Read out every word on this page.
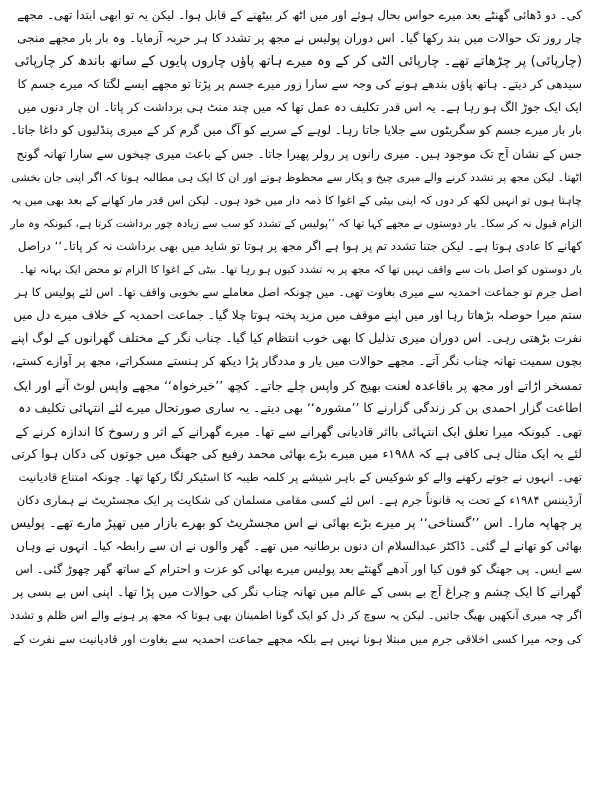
کی۔ دو ڈھائی گھنٹے بعد میرے حواس بحال ہوئے اور میں اٹھ کر بیٹھنے کے قابل ہوا۔ لیکن یہ تو ابھی ابتدا تھی۔ مجھے
چار روز تک حوالات میں بند رکھا گیا۔ اس دوران پولیس نے مجھ پر تشدد کا ہر حربہ آزمایا۔ وہ بار بار مجھے منجی
(چارپائی) پر چڑھاتے تھے۔ چارپائی الٹی کر کے وہ میرے ہاتھ پاؤں چاروں پایوں کے ساتھ باندھ کر چارپائی
سیدھی کر دیتے۔ ہاتھ پاؤں بندھے ہونے کی وجہ سے سارا زور میرے جسم پر پڑتا تو مجھے ایسے لگتا کہ میرے جسم کا
ایک ایک جوڑ الگ ہو رہا ہے۔ یہ اس قدر تکلیف دہ عمل تھا کہ میں چند منٹ ہی برداشت کر پاتا۔ ان چار دنوں میں
بار بار میرے جسم کو سگریٹوں سے جلایا جاتا رہا۔ لوہے کے سریے کو آگ میں گرم کر کے میری پنڈلیوں کو داغا جاتا۔
جس کے نشان آج تک موجود ہیں۔ میری رانوں پر رولر پھیرا جاتا۔ جس کے باعث میری چیخوں سے سارا تھانہ گونج
اٹھتا۔ لیکن مجھ پر تشدد کرنے والے میری چیخ و پکار سے محظوظ ہوتے اور ان کا ایک ہی مطالبہ ہوتا کہ اگر اپنی جان بخشی
چاہتا ہوں تو انہیں لکھ کر دوں کہ اپنی بیٹی کے اغوا کا ذمہ دار میں خود ہوں۔ لیکن اس قدر مار کھانے کے بعد بھی میں یہ
الزام قبول نہ کر سکا۔ یار دوستوں نے مجھے کہا تھا کہ ’’پولیس کے تشدد کو سب سے زیادہ چور برداشت کرتا ہے، کیونکہ وہ مار
کھانے کا عادی ہوتا ہے۔ لیکن جتنا تشدد تم پر ہوا ہے اگر مجھ پر ہوتا تو شاید میں بھی برداشت نہ کر پاتا۔‘‘ دراصل
یار دوستوں کو اصل بات سے واقف نہیں تھا کہ مجھ پر یہ تشدد کیوں ہو رہا تھا۔ بیٹی کے اغوا کا الزام تو محض ایک بہانہ تھا۔
اصل جرم تو جماعت احمدیہ سے میری بغاوت تھی۔ میں چونکہ اصل معاملے سے بخوبی واقف تھا۔ اس لئے پولیس کا ہر
ستم میرا حوصلہ بڑھاتا رہا اور میں اپنے موقف میں مزید پختہ ہوتا چلا گیا۔ جماعت احمدیہ کے خلاف میرے دل میں
نفرت بڑھتی رہی۔ اس دوران میری تذلیل کا بھی خوب انتظام کیا گیا۔ چناب نگر کے مختلف گھرانوں کے لوگ اپنے
بچوں سمیت تھانہ چناب نگر آتے۔ مجھے حوالات میں یار و مددگار پڑا دیکھ کر ہنستے مسکراتے، مجھ پر آوازے کستے،
تمسخر اڑاتے اور مجھ پر باقاعدہ لعنت بھیج کر واپس چلے جاتے۔ کچھ ’’خیرخواہ‘‘ مجھے واپس لوٹ آنے اور ایک
اطاعت گزار احمدی بن کر زندگی گزارنے کا ’’مشورہ‘‘ بھی دیتے۔ یہ ساری صورتحال میرے لئے انتہائی تکلیف دہ
تھی۔ کیونکہ میرا تعلق ایک انتہائی بااثر قادیانی گھرانے سے تھا۔ میرے گھرانے کے اثر و رسوخ کا اندازہ کرنے کے
لئے یہ ایک مثال ہی کافی ہے کہ ۱۹۸۸ء میں میرے بڑے بھائی محمد رفیع کی جھنگ میں جوتوں کی دکان ہوا کرتی
تھی۔ انہوں نے جوتے رکھنے والے کو شوکیس کے باہر شیشے پر کلمہ طیبہ کا اسٹیکر لگا رکھا تھا۔ چونکہ امتناع قادیانیت
آرڈیننس ۱۹۸۴ء کے تحت یہ قانوناً جرم ہے۔ اس لئے کسی مقامی مسلمان کی شکایت پر ایک مجسٹریٹ نے ہماری دکان
پر چھاپہ مارا۔ اس ’’گستاخی‘‘ پر میرے بڑے بھائی نے اس مجسٹریٹ کو بھرے بازار میں تھپڑ مارے تھے۔ پولیس
بھائی کو تھانے لے گئی۔ ڈاکٹر عبدالسلام ان دنوں برطانیہ میں تھے۔ گھر والوں نے ان سے رابطہ کیا۔ انہوں نے وہاں
سے ایس۔ پی جھنگ کو فون کیا اور آدھے گھنٹے بعد پولیس میرے بھائی کو عزت و احترام کے ساتھ گھر چھوڑ گئی۔ اس
گھرانے کا ایک چشم و چراغ آج بے بسی کے عالم میں تھانہ چناب نگر کی حوالات میں پڑا تھا۔ اپنی اس بے بسی پر
اگر چہ میری آنکھیں بھیگ جاتیں۔ لیکن یہ سوچ کر دل کو ایک گونا اطمینان بھی ہوتا کہ مجھ پر ہونے والے اس ظلم و تشدد
کی وجہ میرا کسی اخلاقی جرم میں مبتلا ہونا نہیں ہے بلکہ مجھے جماعت احمدیہ سے بغاوت اور قادیانیت سے نفرت کے
